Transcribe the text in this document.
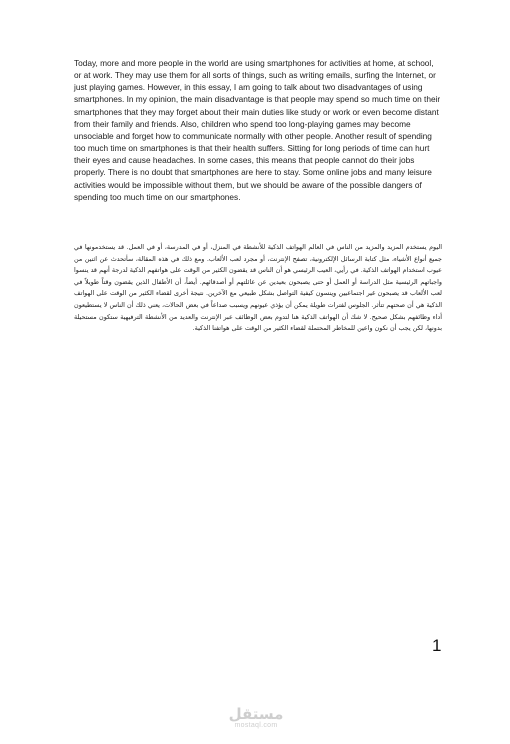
Today, more and more people in the world are using smartphones for activities at home, at school, or at work. They may use them for all sorts of things, such as writing emails, surfing the Internet, or just playing games. However, in this essay, I am going to talk about two disadvantages of using smartphones. In my opinion, the main disadvantage is that people may spend so much time on their smartphones that they may forget about their main duties like study or work or even become distant from their family and friends. Also, children who spend too long-playing games may become unsociable and forget how to communicate normally with other people. Another result of spending too much time on smartphones is that their health suffers. Sitting for long periods of time can hurt their eyes and cause headaches. In some cases, this means that people cannot do their jobs properly. There is no doubt that smartphones are here to stay. Some online jobs and many leisure activities would be impossible without them, but we should be aware of the possible dangers of spending too much time on our smartphones.

اليوم يستخدم المزيد والمزيد من الناس في العالم الهواتف الذكية للأنشطة في المنزل، أو في المدرسة، أو في العمل. قد يستخدمونها في جميع أنواع الأشياء، مثل كتابة الرسائل الإلكترونية، تصفح الإنترنت، أو مجرد لعب الألعاب. ومع ذلك في هذه المقالة، سأتحدث عن اثنين من عيوب استخدام الهواتف الذكية. في رأيي، العيب الرئيسي هو أن الناس قد يقضون الكثير من الوقت على هواتفهم الذكية لدرجة أنهم قد ينسوا واجباتهم الرئيسية مثل الدراسة أو العمل أو حتى يصبحون بعيدين عن عائلتهم أو أصدقائهم. أيضاً، أن الأطفال الذين يقضون وقتاً طويلاً في لعب الألعاب قد يصبحون غير اجتماعيين وينسون كيفية التواصل بشكل طبيعي مع الآخرين. نتيجة أخرى لقضاء الكثير من الوقت على الهواتف الذكية هي أن صحتهم تتأثر. الجلوس لفترات طويلة يمكن أن يؤذي عيونهم ويسبب صداعاً في بعض الحالات، يعني ذلك أن الناس لا يستطيعون أداء وظائفهم بشكل صحيح. لا شك أن الهواتف الذكية هنا لتدوم بعض الوظائف عبر الإنترنت والعديد من الأنشطة الترفيهية ستكون مستحيلة بدونها، لكن يجب أن نكون واعين للمخاطر المحتملة لقضاء الكثير من الوقت على هواتفنا الذكية.

1
مستقل
mostaql.com
